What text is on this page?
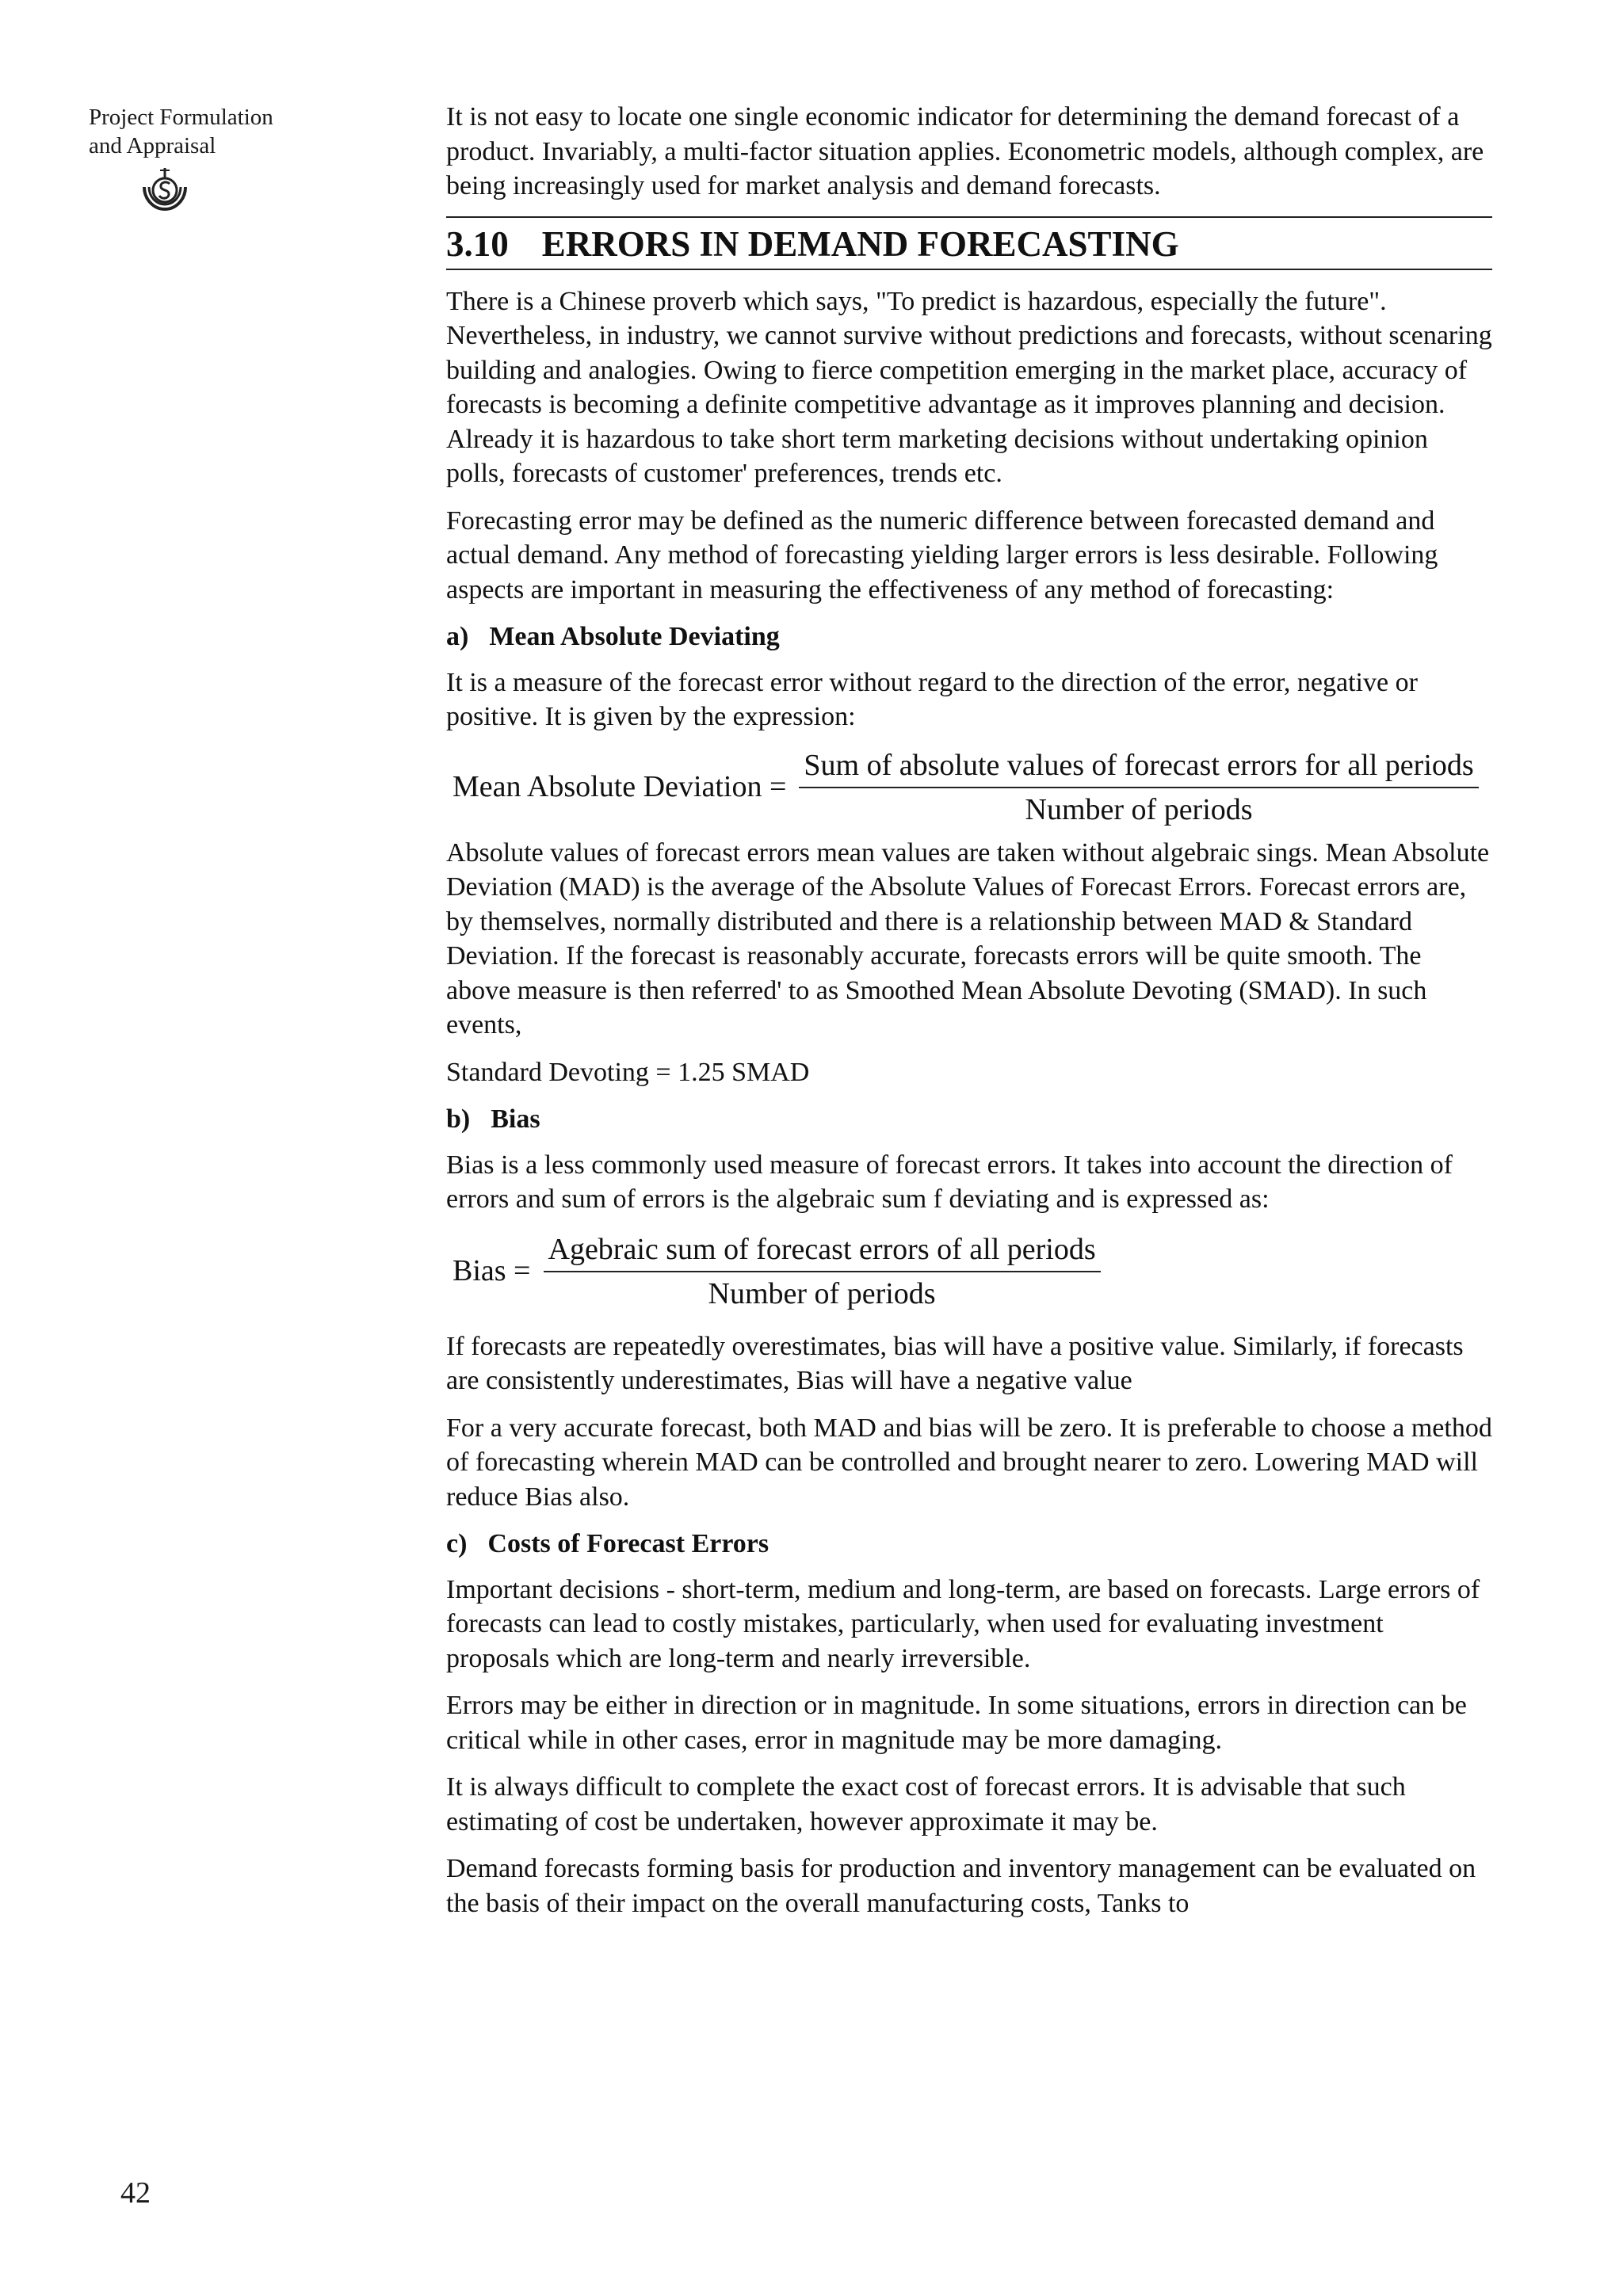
Project Formulation
and Appraisal

It is not easy to locate one single economic indicator for determining the demand forecast of a product. Invariably, a multi-factor situation applies. Econometric models, although complex, are being increasingly used for market analysis and demand forecasts.

3.10 ERRORS IN DEMAND FORECASTING

There is a Chinese proverb which says, "To predict is hazardous, especially the future". Nevertheless, in industry, we cannot survive without predictions and forecasts, without scenaring building and analogies. Owing to fierce competition emerging in the market place, accuracy of forecasts is becoming a definite competitive advantage as it improves planning and decision. Already it is hazardous to take short term marketing decisions without undertaking opinion polls, forecasts of customer' preferences, trends etc.

Forecasting error may be defined as the numeric difference between forecasted demand and actual demand. Any method of forecasting yielding larger errors is less desirable. Following aspects are important in measuring the effectiveness of any method of forecasting:

a) Mean Absolute Deviating

It is a measure of the forecast error without regard to the direction of the error, negative or positive. It is given by the expression:

Mean Absolute Deviation = $\frac{\text{Sum of absolute values of forecast errors for all periods}}{\text{Number of periods}}$

Absolute values of forecast errors mean values are taken without algebraic sings. Mean Absolute Deviation (MAD) is the average of the Absolute Values of Forecast Errors. Forecast errors are, by themselves, normally distributed and there is a relationship between MAD & Standard Deviation. If the forecast is reasonably accurate, forecasts errors will be quite smooth. The above measure is then referred' to as Smoothed Mean Absolute Devoting (SMAD). In such events,

Standard Devoting = 1.25 SMAD

b) Bias

Bias is a less commonly used measure of forecast errors. It takes into account the direction of errors and sum of errors is the algebraic sum f deviating and is expressed as:

Bias = $\frac{\text{Agebraic sum of forecast errors of all periods}}{\text{Number of periods}}$

If forecasts are repeatedly overestimates, bias will have a positive value. Similarly, if forecasts are consistently underestimates, Bias will have a negative value

For a very accurate forecast, both MAD and bias will be zero. It is preferable to choose a method of forecasting wherein MAD can be controlled and brought nearer to zero. Lowering MAD will reduce Bias also.

c) Costs of Forecast Errors

Important decisions - short-term, medium and long-term, are based on forecasts. Large errors of forecasts can lead to costly mistakes, particularly, when used for evaluating investment proposals which are long-term and nearly irreversible.

Errors may be either in direction or in magnitude. In some situations, errors in direction can be critical while in other cases, error in magnitude may be more damaging.

It is always difficult to complete the exact cost of forecast errors. It is advisable that such estimating of cost be undertaken, however approximate it may be.

Demand forecasts forming basis for production and inventory management can be evaluated on the basis of their impact on the overall manufacturing costs, Tanks to

42
